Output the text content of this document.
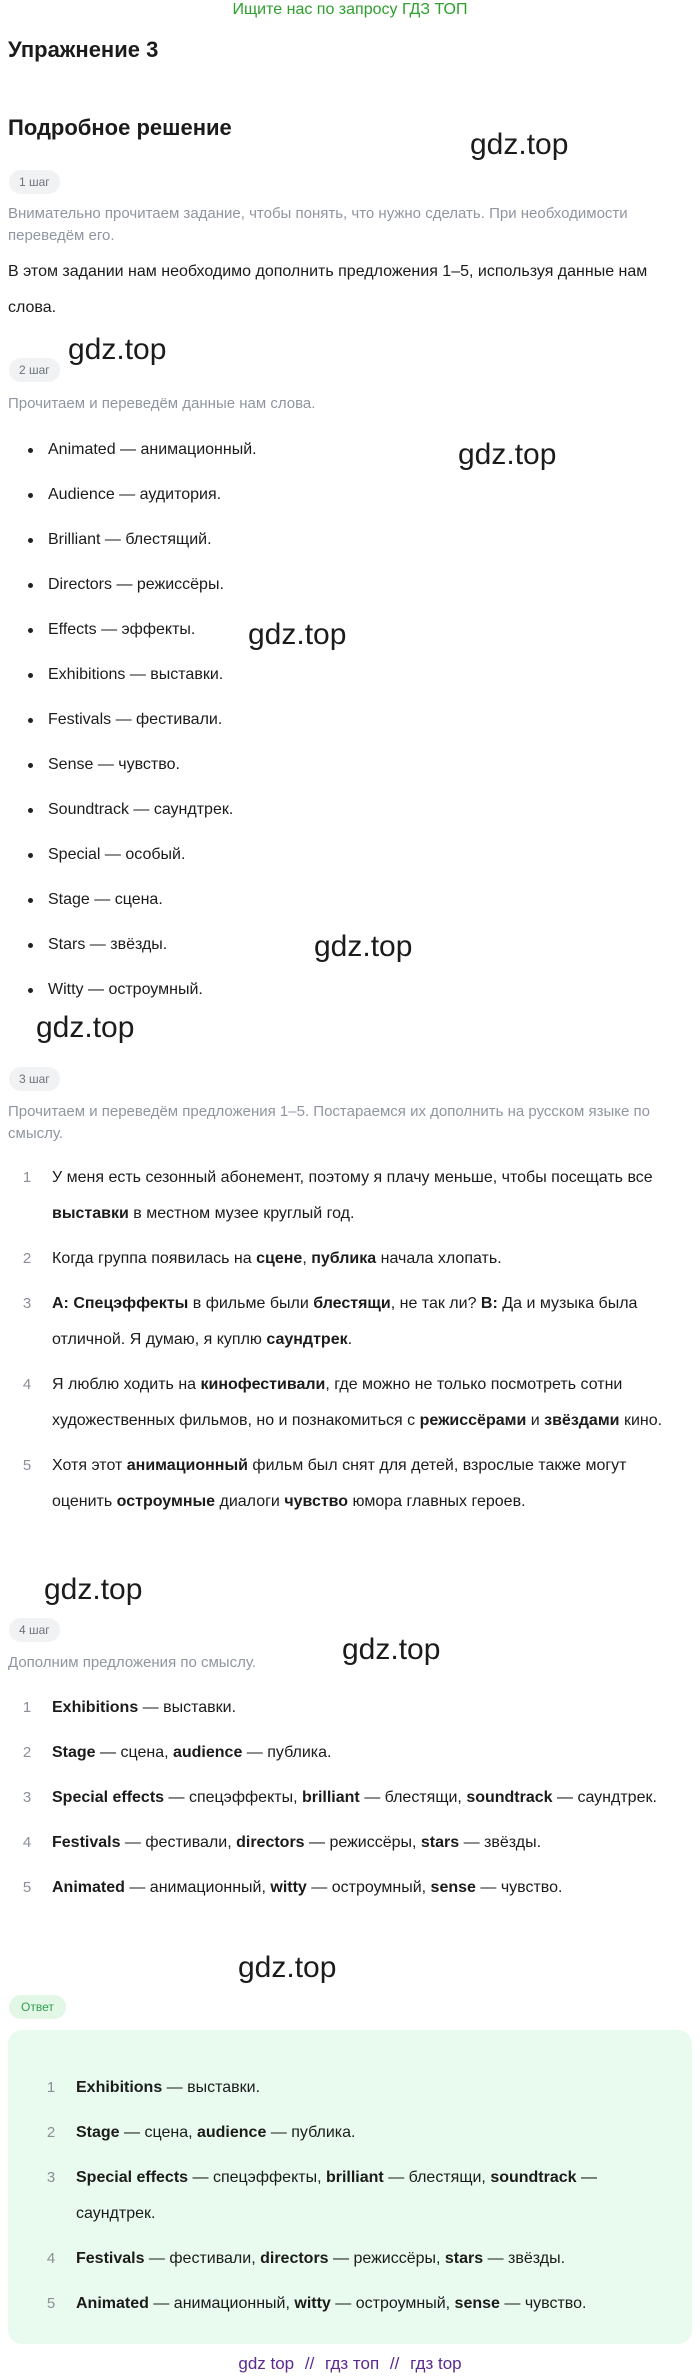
Ищите нас по запросу ГДЗ ТОП
Упражнение 3
Подробное решение
gdz.top
gdz.top
gdz.top
gdz.top
gdz.top
gdz.top
gdz.top
gdz.top
gdz.top
1 шаг

Внимательно прочитаем задание, чтобы понять, что нужно сделать. При необходимости переведём его.

В этом задании нам необходимо дополнить предложения 1–5, используя данные нам слова.

2 шаг

Прочитаем и переведём данные нам слова.

Animated — анимационный.
Audience — аудитория.
Brilliant — блестящий.
Directors — режиссёры.
Effects — эффекты.
Exhibitions — выставки.
Festivals — фестивали.
Sense — чувство.
Soundtrack — саундтрек.
Special — особый.
Stage — сцена.
Stars — звёзды.
Witty — остроумный.
3 шаг

Прочитаем и переведём предложения 1–5. Постараемся их дополнить на русском языке по смыслу.

1	У меня есть сезонный абонемент, поэтому я плачу меньше, чтобы посещать все выставки в местном музее круглый год.
2	Когда группа появилась на сцене, публика начала хлопать.
3	A: Спецэффекты в фильме были блестящи, не так ли? B: Да и музыка была отличной. Я думаю, я куплю саундтрек.
4	Я люблю ходить на кинофестивали, где можно не только посмотреть сотни художественных фильмов, но и познакомиться с режиссёрами и звёздами кино.
5	Хотя этот анимационный фильм был снят для детей, взрослые также могут оценить остроумные диалоги чувство юмора главных героев.
4 шаг

Дополним предложения по смыслу.

1	Exhibitions — выставки.
2	Stage — сцена, audience — публика.
3	Special effects — спецэффекты, brilliant — блестящи, soundtrack — саундтрек.
4	Festivals — фестивали, directors — режиссёры, stars — звёзды.
5	Animated — анимационный, witty — остроумный, sense — чувство.
Ответ
1	Exhibitions — выставки.
2	Stage — сцена, audience — публика.
3	Special effects — спецэффекты, brilliant — блестящи, soundtrack — саундтрек.
4	Festivals — фестивали, directors — режиссёры, stars — звёзды.
5	Animated — анимационный, witty — остроумный, sense — чувство.
gdz top // гдз топ // гдз top
